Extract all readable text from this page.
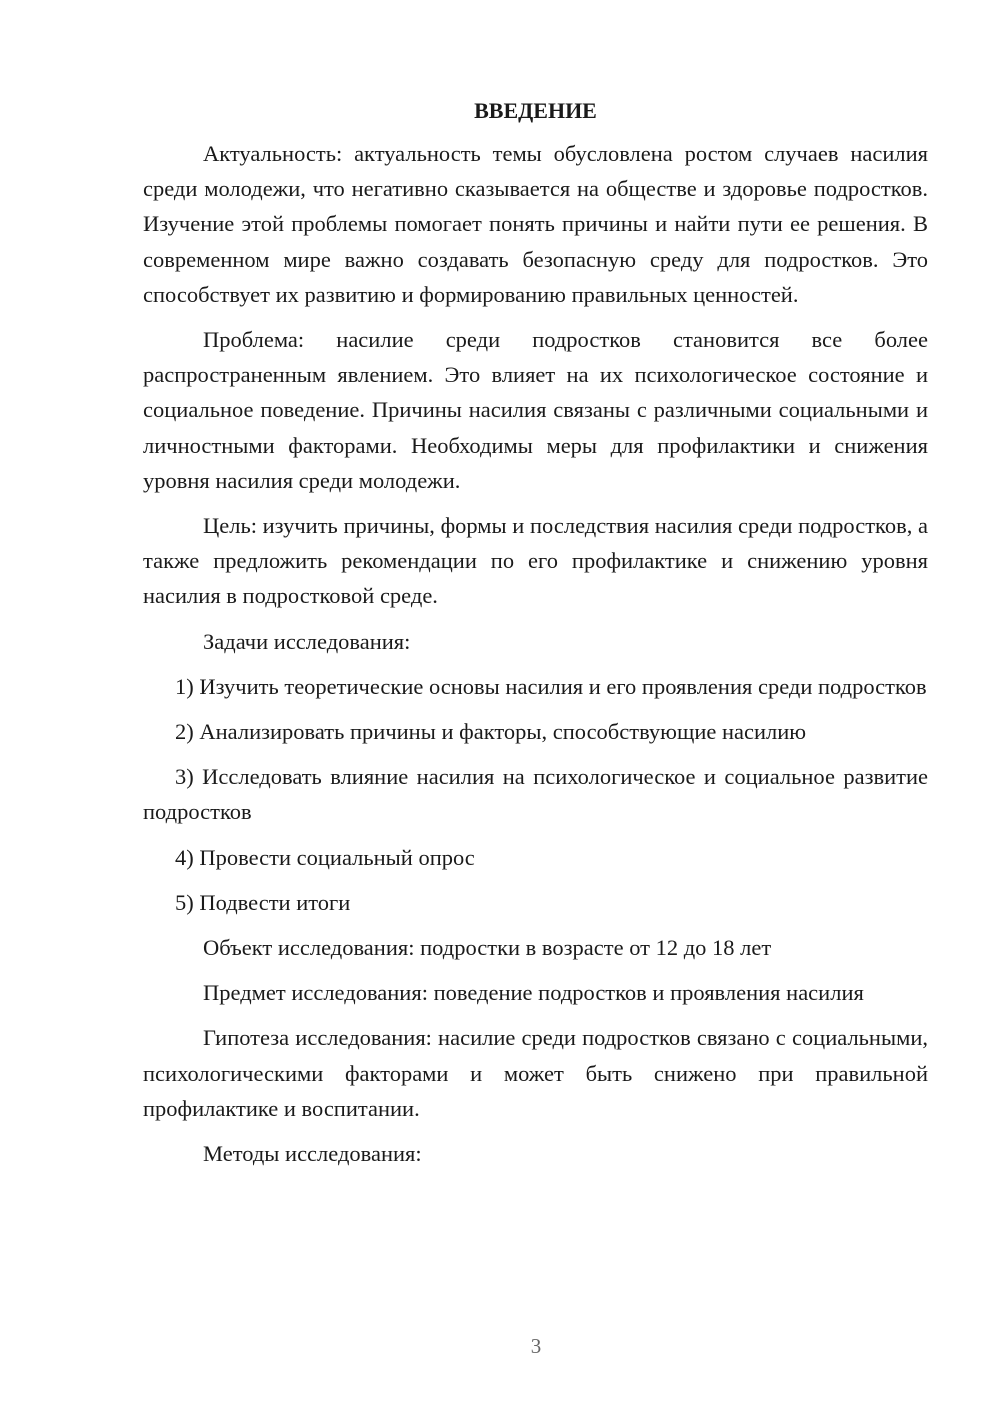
ВВЕДЕНИЕ

Актуальность: актуальность темы обусловлена ростом случаев насилия среди молодежи, что негативно сказывается на обществе и здоровье подростков. Изучение этой проблемы помогает понять причины и найти пути ее решения. В современном мире важно создавать безопасную среду для подростков. Это способствует их развитию и формированию правильных ценностей.

Проблема: насилие среди подростков становится все более распространенным явлением. Это влияет на их психологическое состояние и социальное поведение. Причины насилия связаны с различными социальными и личностными факторами. Необходимы меры для профилактики и снижения уровня насилия среди молодежи.

Цель: изучить причины, формы и последствия насилия среди подростков, а также предложить рекомендации по его профилактике и снижению уровня насилия в подростковой среде.

Задачи исследования:

1) Изучить теоретические основы насилия и его проявления среди подростков

2) Анализировать причины и факторы, способствующие насилию

3) Исследовать влияние насилия на психологическое и социальное развитие подростков

4) Провести социальный опрос

5) Подвести итоги

Объект исследования: подростки в возрасте от 12 до 18 лет

Предмет исследования: поведение подростков и проявления насилия

Гипотеза исследования: насилие среди подростков связано с социальными, психологическими факторами и может быть снижено при правильной профилактике и воспитании.

Методы исследования:

3
